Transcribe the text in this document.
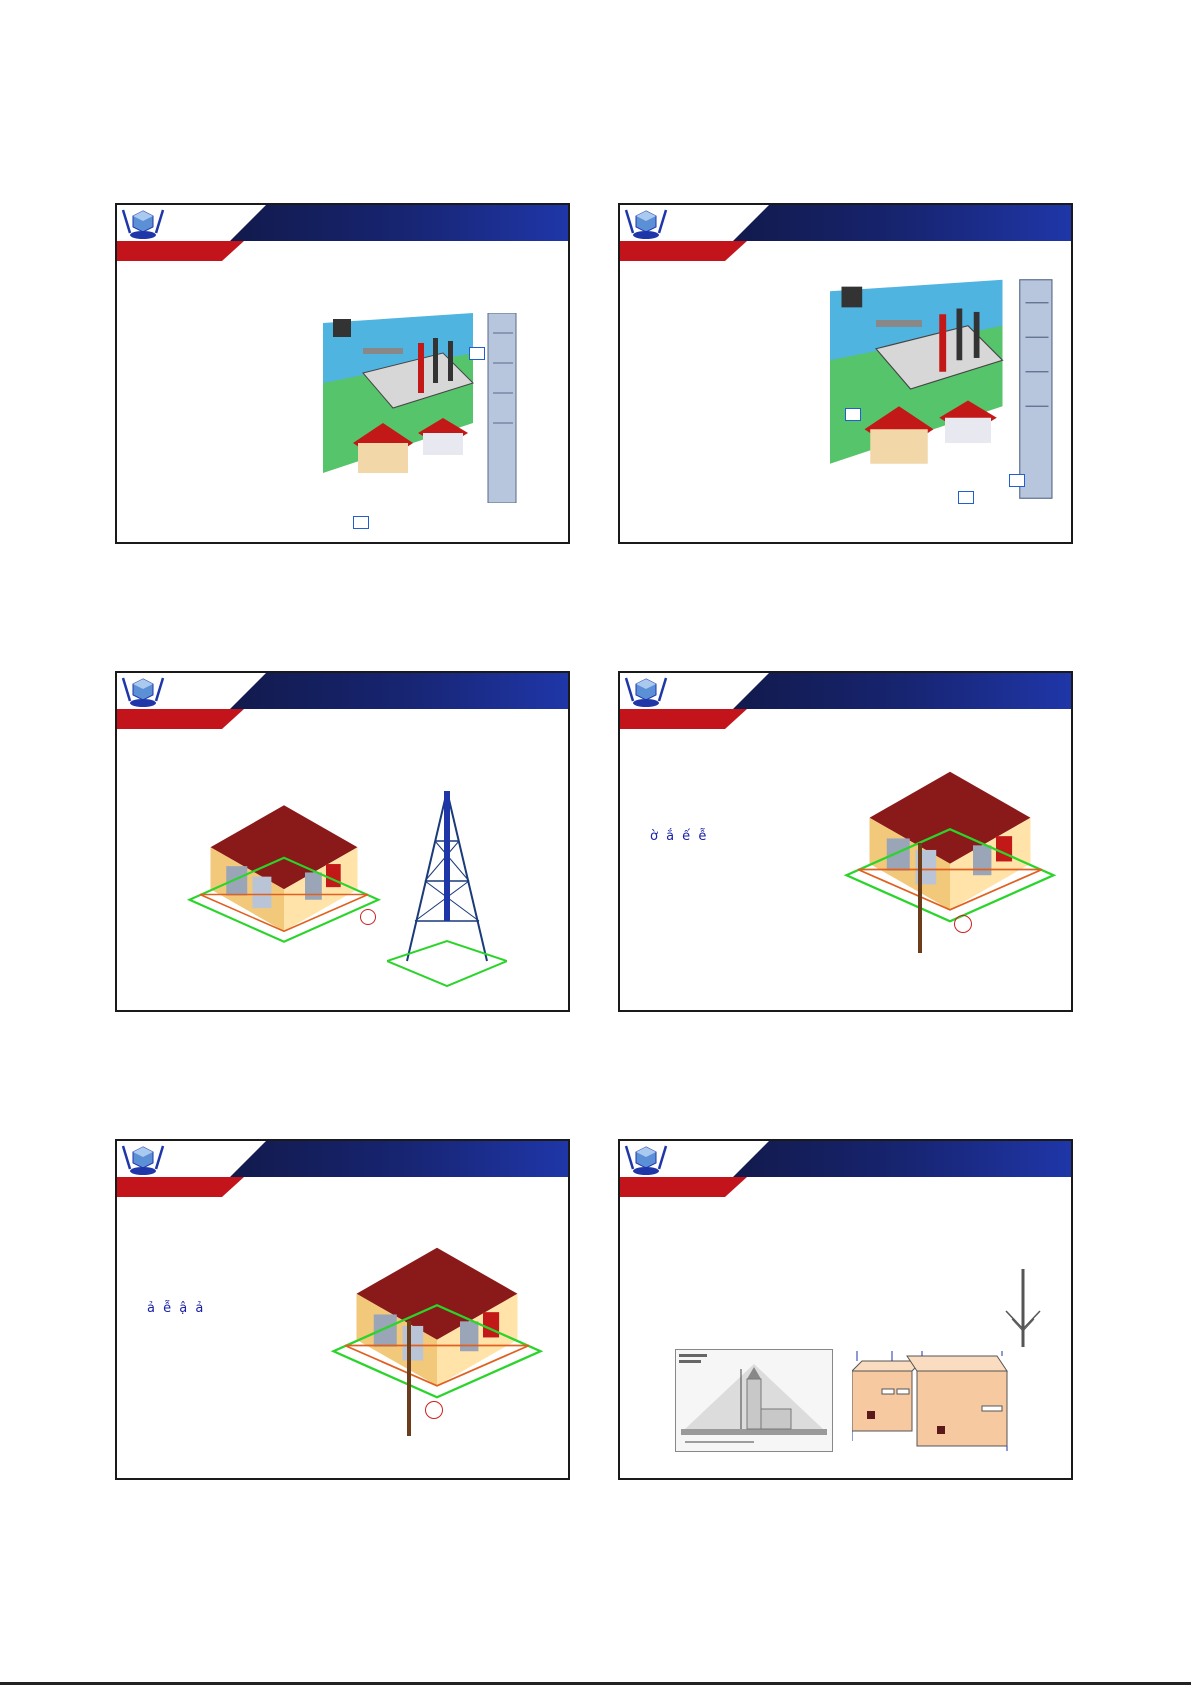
ờ ắ ế ễ
ả ễ ậ ả
